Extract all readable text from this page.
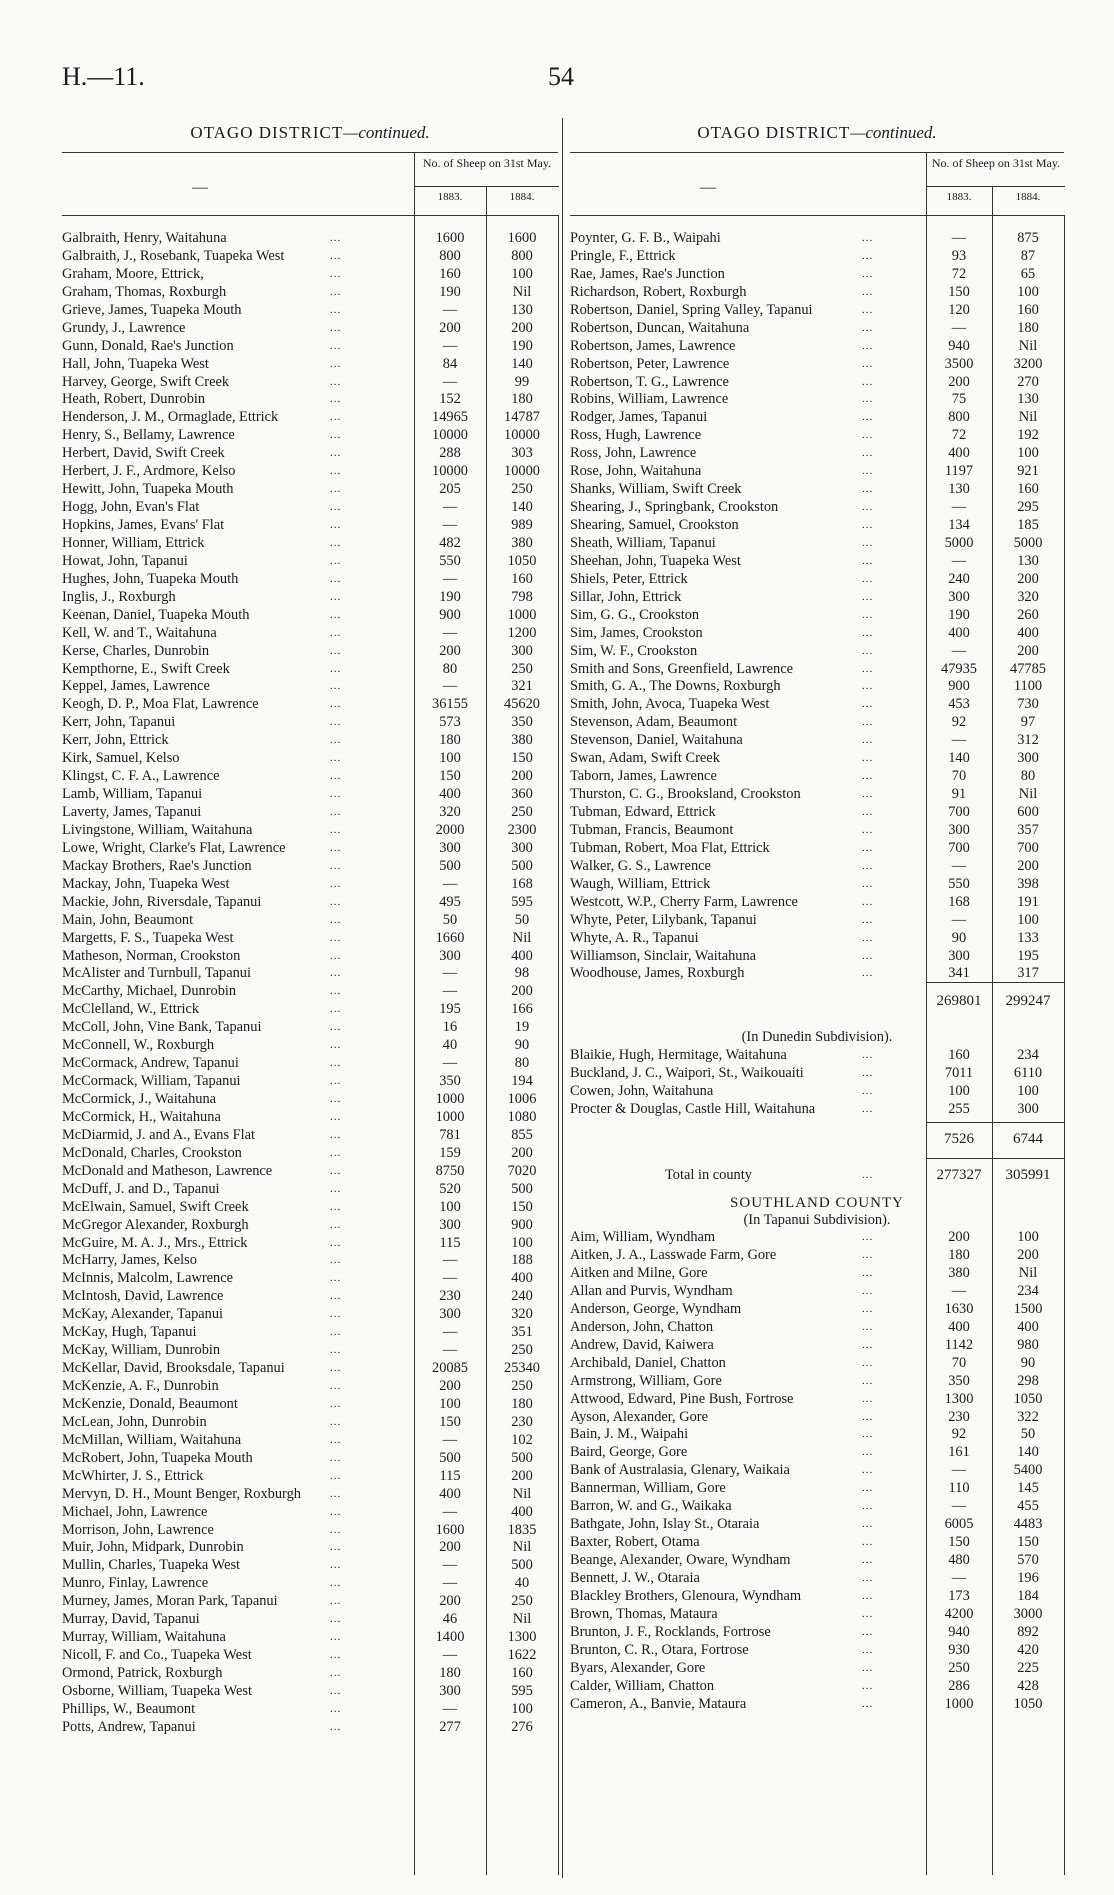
H.—11.	54
OTAGO DISTRICT—continued.
—
No. of Sheep on 31st May.
1883.	1884.
Galbraith, Henry, Waitahuna	...	1600	1600
Galbraith, J., Rosebank, Tuapeka West	...	800	800
Graham, Moore, Ettrick,	...	160	100
Graham, Thomas, Roxburgh	...	190	Nil
Grieve, James, Tuapeka Mouth	...	—	130
Grundy, J., Lawrence	...	200	200
Gunn, Donald, Rae's Junction	...	—	190
Hall, John, Tuapeka West	...	84	140
Harvey, George, Swift Creek	...	—	99
Heath, Robert, Dunrobin	...	152	180
Henderson, J. M., Ormaglade, Ettrick	...	14965	14787
Henry, S., Bellamy, Lawrence	...	10000	10000
Herbert, David, Swift Creek	...	288	303
Herbert, J. F., Ardmore, Kelso	...	10000	10000
Hewitt, John, Tuapeka Mouth	...	205	250
Hogg, John, Evan's Flat	...	—	140
Hopkins, James, Evans' Flat	...	—	989
Honner, William, Ettrick	...	482	380
Howat, John, Tapanui	...	550	1050
Hughes, John, Tuapeka Mouth	...	—	160
Inglis, J., Roxburgh	...	190	798
Keenan, Daniel, Tuapeka Mouth	...	900	1000
Kell, W. and T., Waitahuna	...	—	1200
Kerse, Charles, Dunrobin	...	200	300
Kempthorne, E., Swift Creek	...	80	250
Keppel, James, Lawrence	...	—	321
Keogh, D. P., Moa Flat, Lawrence	...	36155	45620
Kerr, John, Tapanui	...	573	350
Kerr, John, Ettrick	...	180	380
Kirk, Samuel, Kelso	...	100	150
Klingst, C. F. A., Lawrence	...	150	200
Lamb, William, Tapanui	...	400	360
Laverty, James, Tapanui	...	320	250
Livingstone, William, Waitahuna	...	2000	2300
Lowe, Wright, Clarke's Flat, Lawrence	...	300	300
Mackay Brothers, Rae's Junction	...	500	500
Mackay, John, Tuapeka West	...	—	168
Mackie, John, Riversdale, Tapanui	...	495	595
Main, John, Beaumont	...	50	50
Margetts, F. S., Tuapeka West	...	1660	Nil
Matheson, Norman, Crookston	...	300	400
McAlister and Turnbull, Tapanui	...	—	98
McCarthy, Michael, Dunrobin	...	—	200
McClelland, W., Ettrick	...	195	166
McColl, John, Vine Bank, Tapanui	...	16	19
McConnell, W., Roxburgh	...	40	90
McCormack, Andrew, Tapanui	...	—	80
McCormack, William, Tapanui	...	350	194
McCormick, J., Waitahuna	...	1000	1006
McCormick, H., Waitahuna	...	1000	1080
McDiarmid, J. and A., Evans Flat	...	781	855
McDonald, Charles, Crookston	...	159	200
McDonald and Matheson, Lawrence	...	8750	7020
McDuff, J. and D., Tapanui	...	520	500
McElwain, Samuel, Swift Creek	...	100	150
McGregor Alexander, Roxburgh	...	300	900
McGuire, M. A. J., Mrs., Ettrick	...	115	100
McHarry, James, Kelso	...	—	188
McInnis, Malcolm, Lawrence	...	—	400
McIntosh, David, Lawrence	...	230	240
McKay, Alexander, Tapanui	...	300	320
McKay, Hugh, Tapanui	...	—	351
McKay, William, Dunrobin	...	—	250
McKellar, David, Brooksdale, Tapanui	...	20085	25340
McKenzie, A. F., Dunrobin	...	200	250
McKenzie, Donald, Beaumont	...	100	180
McLean, John, Dunrobin	...	150	230
McMillan, William, Waitahuna	...	—	102
McRobert, John, Tuapeka Mouth	...	500	500
McWhirter, J. S., Ettrick	...	115	200
Mervyn, D. H., Mount Benger, Roxburgh	...	400	Nil
Michael, John, Lawrence	...	—	400
Morrison, John, Lawrence	...	1600	1835
Muir, John, Midpark, Dunrobin	...	200	Nil
Mullin, Charles, Tuapeka West	...	—	500
Munro, Finlay, Lawrence	...	—	40
Murney, James, Moran Park, Tapanui	...	200	250
Murray, David, Tapanui	...	46	Nil
Murray, William, Waitahuna	...	1400	1300
Nicoll, F. and Co., Tuapeka West	...	—	1622
Ormond, Patrick, Roxburgh	...	180	160
Osborne, William, Tuapeka West	...	300	595
Phillips, W., Beaumont	...	—	100
Potts, Andrew, Tapanui	...	277	276
OTAGO DISTRICT—continued.
—
No. of Sheep on 31st May.
1883.	1884.
Poynter, G. F. B., Waipahi	...	—	875
Pringle, F., Ettrick	...	93	87
Rae, James, Rae's Junction	...	72	65
Richardson, Robert, Roxburgh	...	150	100
Robertson, Daniel, Spring Valley, Tapanui	...	120	160
Robertson, Duncan, Waitahuna	...	—	180
Robertson, James, Lawrence	...	940	Nil
Robertson, Peter, Lawrence	...	3500	3200
Robertson, T. G., Lawrence	...	200	270
Robins, William, Lawrence	...	75	130
Rodger, James, Tapanui	...	800	Nil
Ross, Hugh, Lawrence	...	72	192
Ross, John, Lawrence	...	400	100
Rose, John, Waitahuna	...	1197	921
Shanks, William, Swift Creek	...	130	160
Shearing, J., Springbank, Crookston	...	—	295
Shearing, Samuel, Crookston	...	134	185
Sheath, William, Tapanui	...	5000	5000
Sheehan, John, Tuapeka West	...	—	130
Shiels, Peter, Ettrick	...	240	200
Sillar, John, Ettrick	...	300	320
Sim, G. G., Crookston	...	190	260
Sim, James, Crookston	...	400	400
Sim, W. F., Crookston	...	—	200
Smith and Sons, Greenfield, Lawrence	...	47935	47785
Smith, G. A., The Downs, Roxburgh	...	900	1100
Smith, John, Avoca, Tuapeka West	...	453	730
Stevenson, Adam, Beaumont	...	92	97
Stevenson, Daniel, Waitahuna	...	—	312
Swan, Adam, Swift Creek	...	140	300
Taborn, James, Lawrence	...	70	80
Thurston, C. G., Brooksland, Crookston	...	91	Nil
Tubman, Edward, Ettrick	...	700	600
Tubman, Francis, Beaumont	...	300	357
Tubman, Robert, Moa Flat, Ettrick	...	700	700
Walker, G. S., Lawrence	...	—	200
Waugh, William, Ettrick	...	550	398
Westcott, W.P., Cherry Farm, Lawrence	...	168	191
Whyte, Peter, Lilybank, Tapanui	...	—	100
Whyte, A. R., Tapanui	...	90	133
Williamson, Sinclair, Waitahuna	...	300	195
Woodhouse, James, Roxburgh	...	341	317
269801	299247
(In Dunedin Subdivision).
Blaikie, Hugh, Hermitage, Waitahuna	...	160	234
Buckland, J. C., Waipori, St., Waikouaiti	...	7011	6110
Cowen, John, Waitahuna	...	100	100
Procter & Douglas, Castle Hill, Waitahuna	...	255	300
7526	6744
Total in county	...	277327	305991
SOUTHLAND COUNTY
(In Tapanui Subdivision).
Aim, William, Wyndham	...	200	100
Aitken, J. A., Lasswade Farm, Gore	...	180	200
Aitken and Milne, Gore	...	380	Nil
Allan and Purvis, Wyndham	...	—	234
Anderson, George, Wyndham	...	1630	1500
Anderson, John, Chatton	...	400	400
Andrew, David, Kaiwera	...	1142	980
Archibald, Daniel, Chatton	...	70	90
Armstrong, William, Gore	...	350	298
Attwood, Edward, Pine Bush, Fortrose	...	1300	1050
Ayson, Alexander, Gore	...	230	322
Bain, J. M., Waipahi	...	92	50
Baird, George, Gore	...	161	140
Bank of Australasia, Glenary, Waikaia	...	—	5400
Bannerman, William, Gore	...	110	145
Barron, W. and G., Waikaka	...	—	455
Bathgate, John, Islay St., Otaraia	...	6005	4483
Baxter, Robert, Otama	...	150	150
Beange, Alexander, Oware, Wyndham	...	480	570
Bennett, J. W., Otaraia	...	—	196
Blackley Brothers, Glenoura, Wyndham	...	173	184
Brown, Thomas, Mataura	...	4200	3000
Brunton, J. F., Rocklands, Fortrose	...	940	892
Brunton, C. R., Otara, Fortrose	...	930	420
Byars, Alexander, Gore	...	250	225
Calder, William, Chatton	...	286	428
Cameron, A., Banvie, Mataura	...	1000	1050
